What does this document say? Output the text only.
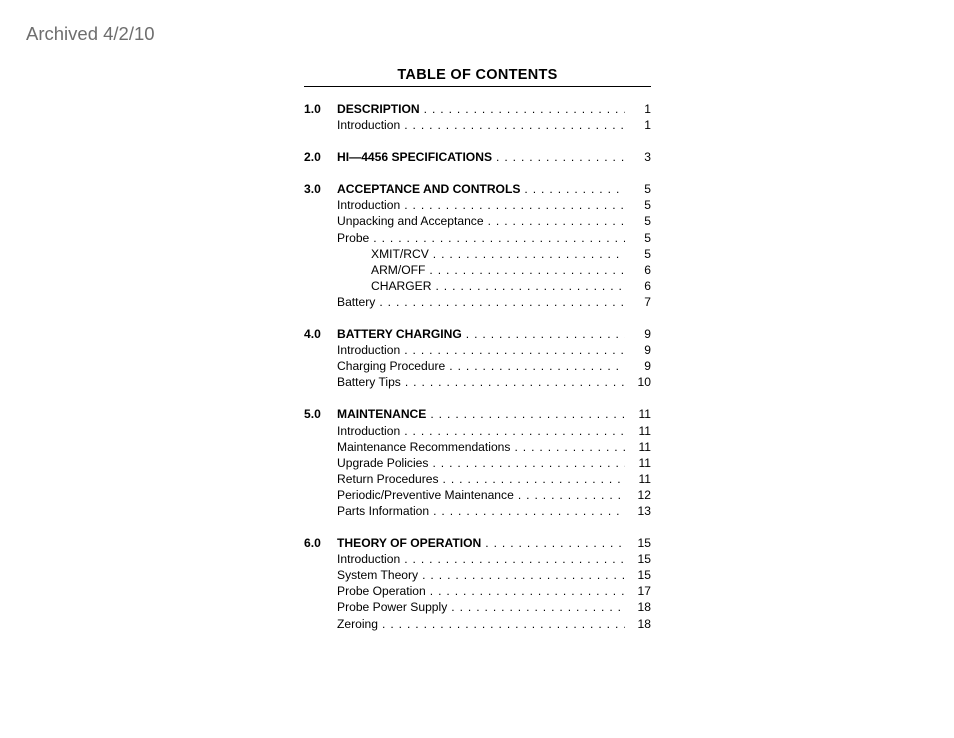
Archived 4/2/10
TABLE OF CONTENTS
1.0	DESCRIPTION . . .	1
Introduction . . .	1
2.0	HI—4456 SPECIFICATIONS . . .	3
3.0	ACCEPTANCE AND CONTROLS . . .	5
Introduction . . .	5
Unpacking and Acceptance . . .	5
Probe . . .	5
XMIT/RCV . . .	5
ARM/OFF . . .	6
CHARGER . . .	6
Battery . . .	7
4.0	BATTERY CHARGING . . .	9
Introduction . . .	9
Charging Procedure . . .	9
Battery Tips . . .	10
5.0	MAINTENANCE . . .	11
Introduction . . .	11
Maintenance Recommendations . . .	11
Upgrade Policies . . .	11
Return Procedures . . .	11
Periodic/Preventive Maintenance . . .	12
Parts Information . . .	13
6.0	THEORY OF OPERATION . . .	15
Introduction . . .	15
System Theory . . .	15
Probe Operation . . .	17
Probe Power Supply . . .	18
Zeroing . . .	18
